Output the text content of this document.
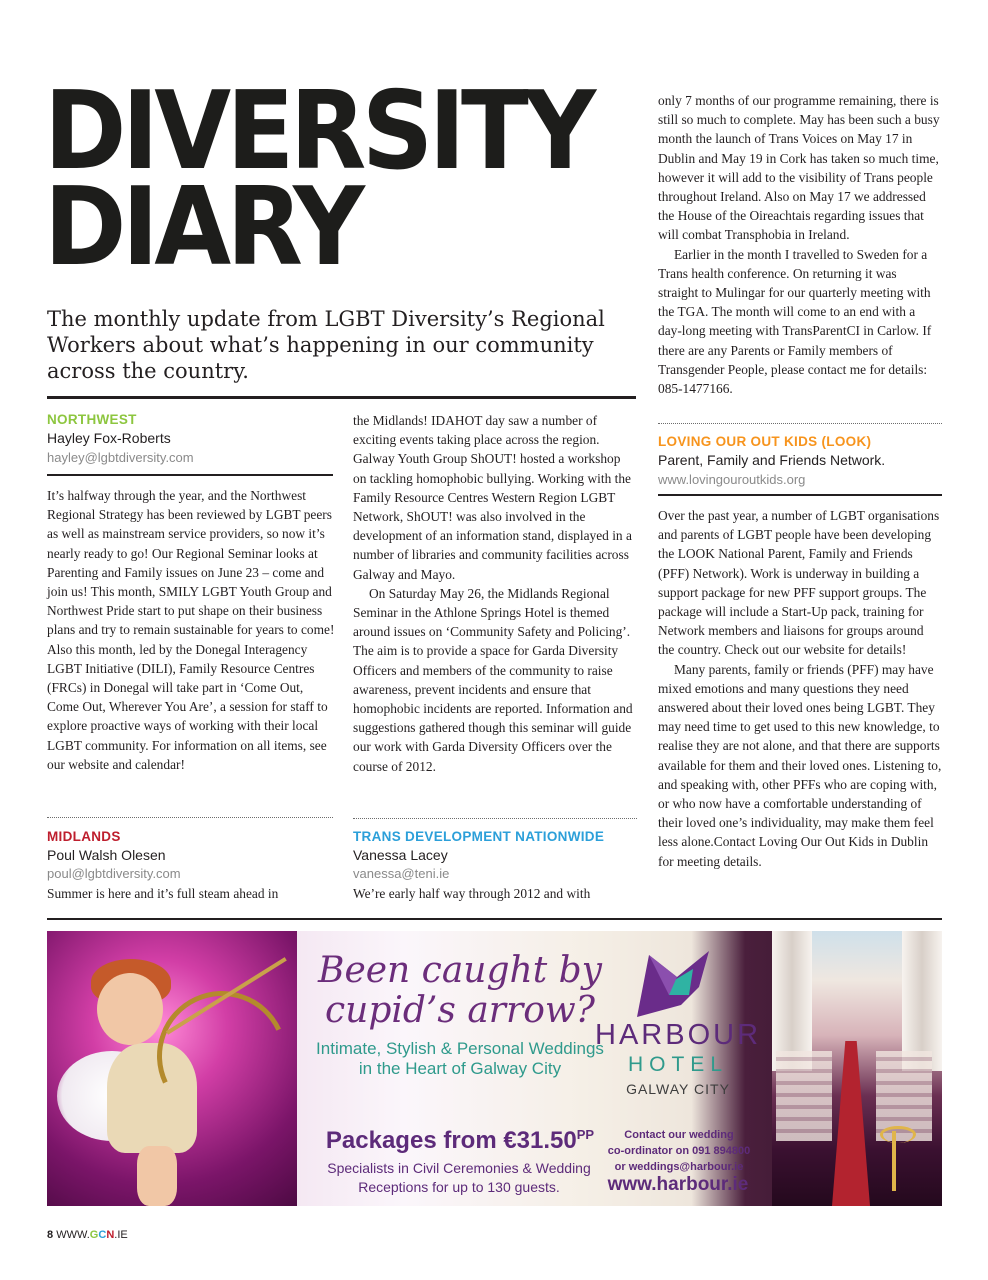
DIVERSITY
DIARY

The monthly update from LGBT Diversity’s Regional Workers about what’s happening in our community across the country.

NORTHWEST
Hayley Fox-Roberts
hayley@lgbtdiversity.com

It’s halfway through the year, and the Northwest Regional Strategy has been reviewed by LGBT peers as well as mainstream service providers, so now it’s nearly ready to go! Our Regional Seminar looks at Parenting and Family issues on June 23 – come and join us! This month, SMILY LGBT Youth Group and Northwest Pride start to put shape on their business plans and try to remain sustainable for years to come! Also this month, led by the Donegal Interagency LGBT Initiative (DILI), Family Resource Centres (FRCs) in Donegal will take part in ‘Come Out, Come Out, Wherever You Are’, a session for staff to explore proactive ways of working with their local LGBT community. For information on all items, see our website and calendar!

MIDLANDS
Poul Walsh Olesen
poul@lgbtdiversity.com

Summer is here and it’s full steam ahead in

the Midlands! IDAHOT day saw a number of exciting events taking place across the region. Galway Youth Group ShOUT! hosted a workshop on tackling homophobic bullying. Working with the Family Resource Centres Western Region LGBT Network, ShOUT! was also involved in the development of an information stand, displayed in a number of libraries and community facilities across Galway and Mayo.

On Saturday May 26, the Midlands Regional Seminar in the Athlone Springs Hotel is themed around issues on ‘Community Safety and Policing’. The aim is to provide a space for Garda Diversity Officers and members of the community to raise awareness, prevent incidents and ensure that homophobic incidents are reported. Information and suggestions gathered though this seminar will guide our work with Garda Diversity Officers over the course of 2012.

TRANS DEVELOPMENT NATIONWIDE
Vanessa Lacey
vanessa@teni.ie

We’re early half way through 2012 and with

only 7 months of our programme remaining, there is still so much to complete. May has been such a busy month the launch of Trans Voices on May 17 in Dublin and May 19 in Cork has taken so much time, however it will add to the visibility of Trans people throughout Ireland. Also on May 17 we addressed the House of the Oireachtais regarding issues that will combat Transphobia in Ireland.

Earlier in the month I travelled to Sweden for a Trans health conference. On returning it was straight to Mulingar for our quarterly meeting with the TGA. The month will come to an end with a day-long meeting with TransParentCI in Carlow. If there are any Parents or Family members of Transgender People, please contact me for details: 085-1477166.

LOVING OUR OUT KIDS (LOOK)
Parent, Family and Friends Network.
www.lovingouroutkids.org

Over the past year, a number of LGBT organisations and parents of LGBT people have been developing the LOOK National Parent, Family and Friends (PFF) Network). Work is underway in building a support package for new PFF support groups. The package will include a Start-Up pack, training for Network members and liaisons for groups around the country. Check out our website for details!

Many parents, family or friends (PFF) may have mixed emotions and many questions they need answered about their loved ones being LGBT. They may need time to get used to this new knowledge, to realise they are not alone, and that there are supports available for them and their loved ones. Listening to, and speaking with, other PFFs who are coping with, or who now have a comfortable understanding of their loved one’s individuality, may make them feel less alone.Contact Loving Our Out Kids in Dublin for meeting details.

Been caught by cupid’s arrow?
Intimate, Stylish & Personal Weddings in the Heart of Galway City
Packages from $€31.50^{PP}$
Specialists in Civil Ceremonies & Wedding Receptions for up to 130 guests.
HARBOUR
HOTEL
GALWAY CITY
Contact our wedding
co-ordinator on 091 894800
or weddings@harbour.ie
www.harbour.ie
8 WWW.GCN.IE
